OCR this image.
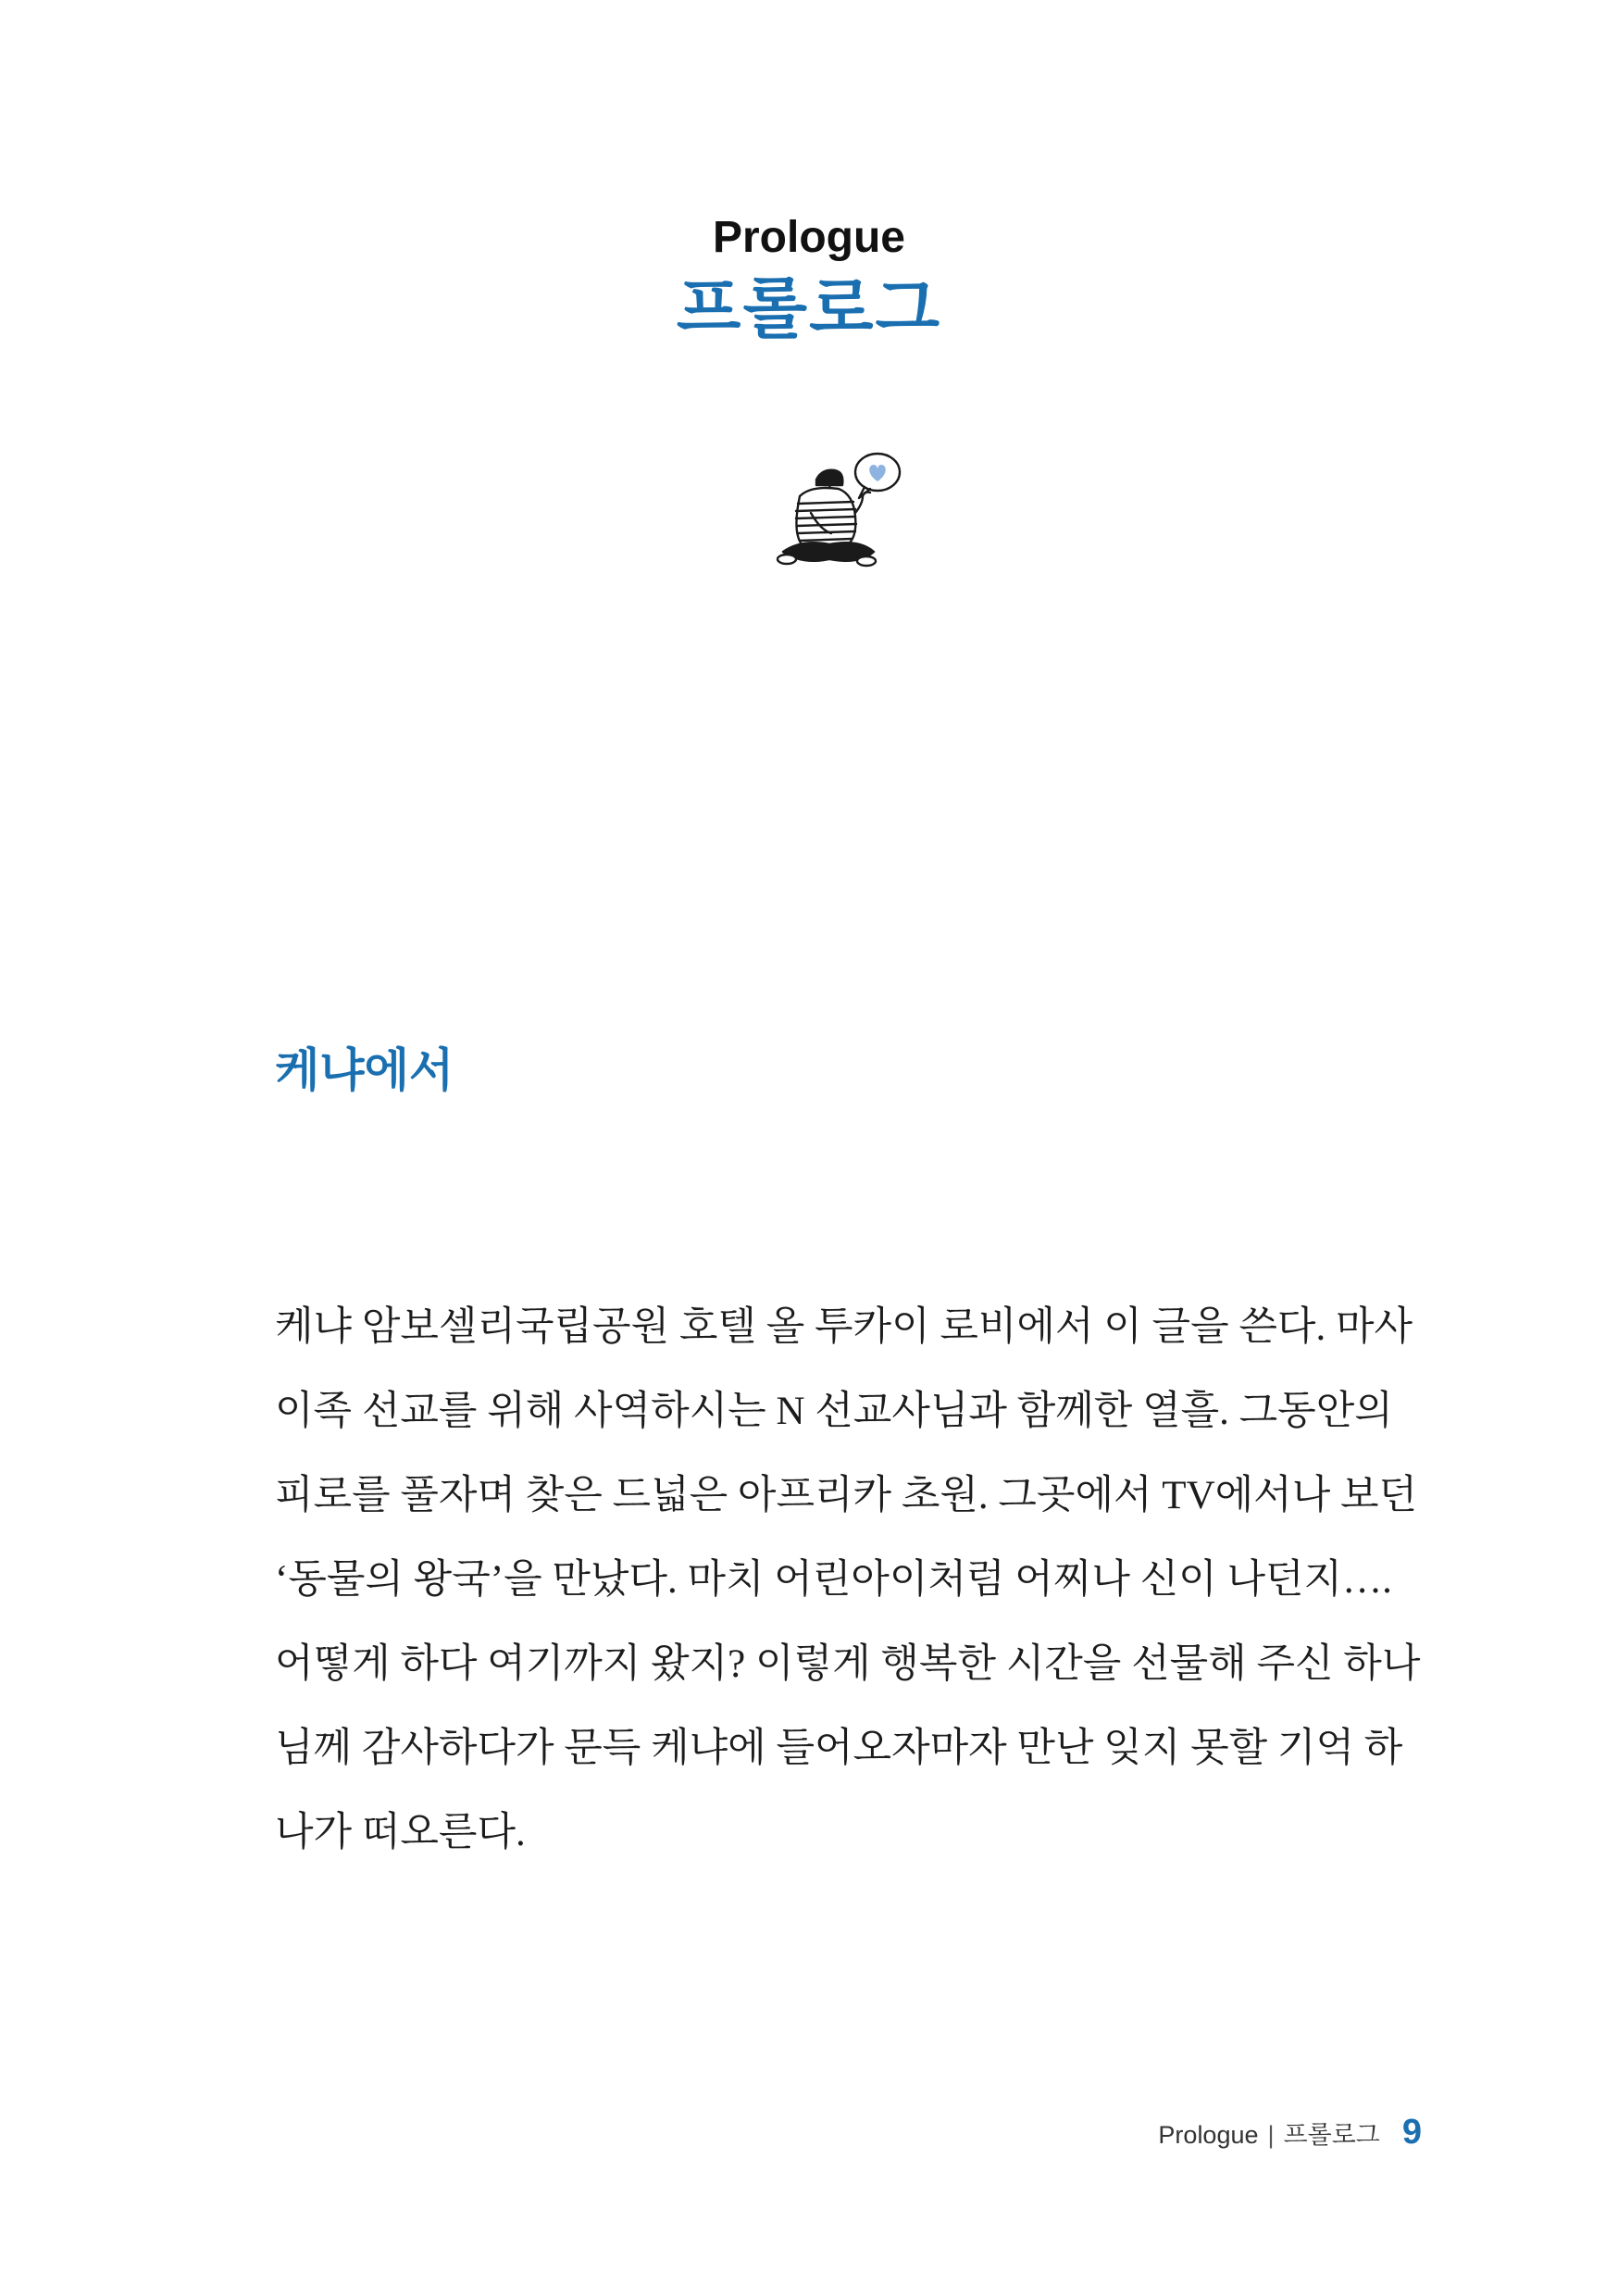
Prologue
프롤로그
케냐에서
케냐 암보셀리국립공원 호텔 올 투카이 로비에서 이 글을 쓴다. 마사
이족 선교를 위해 사역하시는 N 선교사님과 함께한 열흘. 그동안의
피로를 풀자며 찾은 드넓은 아프리카 초원. 그곳에서 TV에서나 보던
‘동물의 왕국’을 만났다. 마치 어린아이처럼 어찌나 신이 나던지….
어떻게 하다 여기까지 왔지? 이렇게 행복한 시간을 선물해 주신 하나
님께 감사하다가 문득 케냐에 들어오자마자 만난 잊지 못할 기억 하
나가 떠오른다.
Prologue | 프롤로그 9
